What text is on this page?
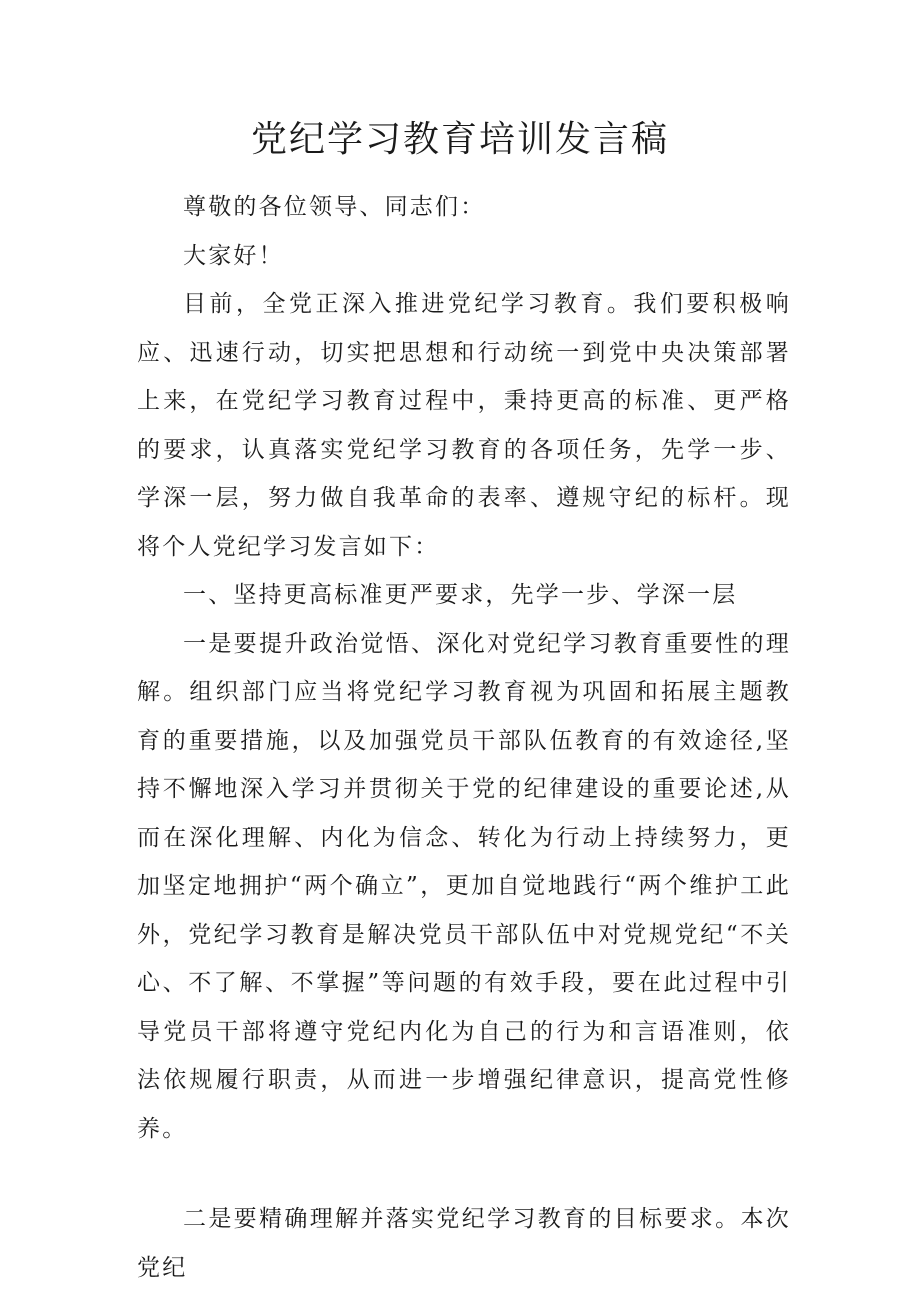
党纪学习教育培训发言稿

尊敬的各位领导、同志们：

大家好！

目前，全党正深入推进党纪学习教育。我们要积极响应、迅速行动，切实把思想和行动统一到党中央决策部署上来，在党纪学习教育过程中，秉持更高的标准、更严格的要求，认真落实党纪学习教育的各项任务，先学一步、学深一层，努力做自我革命的表率、遵规守纪的标杆。现将个人党纪学习发言如下：

一、坚持更高标准更严要求，先学一步、学深一层

一是要提升政治觉悟、深化对党纪学习教育重要性的理解。组织部门应当将党纪学习教育视为巩固和拓展主题教育的重要措施，以及加强党员干部队伍教育的有效途径,坚持不懈地深入学习并贯彻关于党的纪律建设的重要论述,从而在深化理解、内化为信念、转化为行动上持续努力，更加坚定地拥护“两个确立”，更加自觉地践行“两个维护工此外，党纪学习教育是解决党员干部队伍中对党规党纪“不关心、不了解、不掌握”等问题的有效手段，要在此过程中引导党员干部将遵守党纪内化为自己的行为和言语准则，依法依规履行职责，从而进一步增强纪律意识，提高党性修养。

二是要精确理解并落实党纪学习教育的目标要求。本次党纪
